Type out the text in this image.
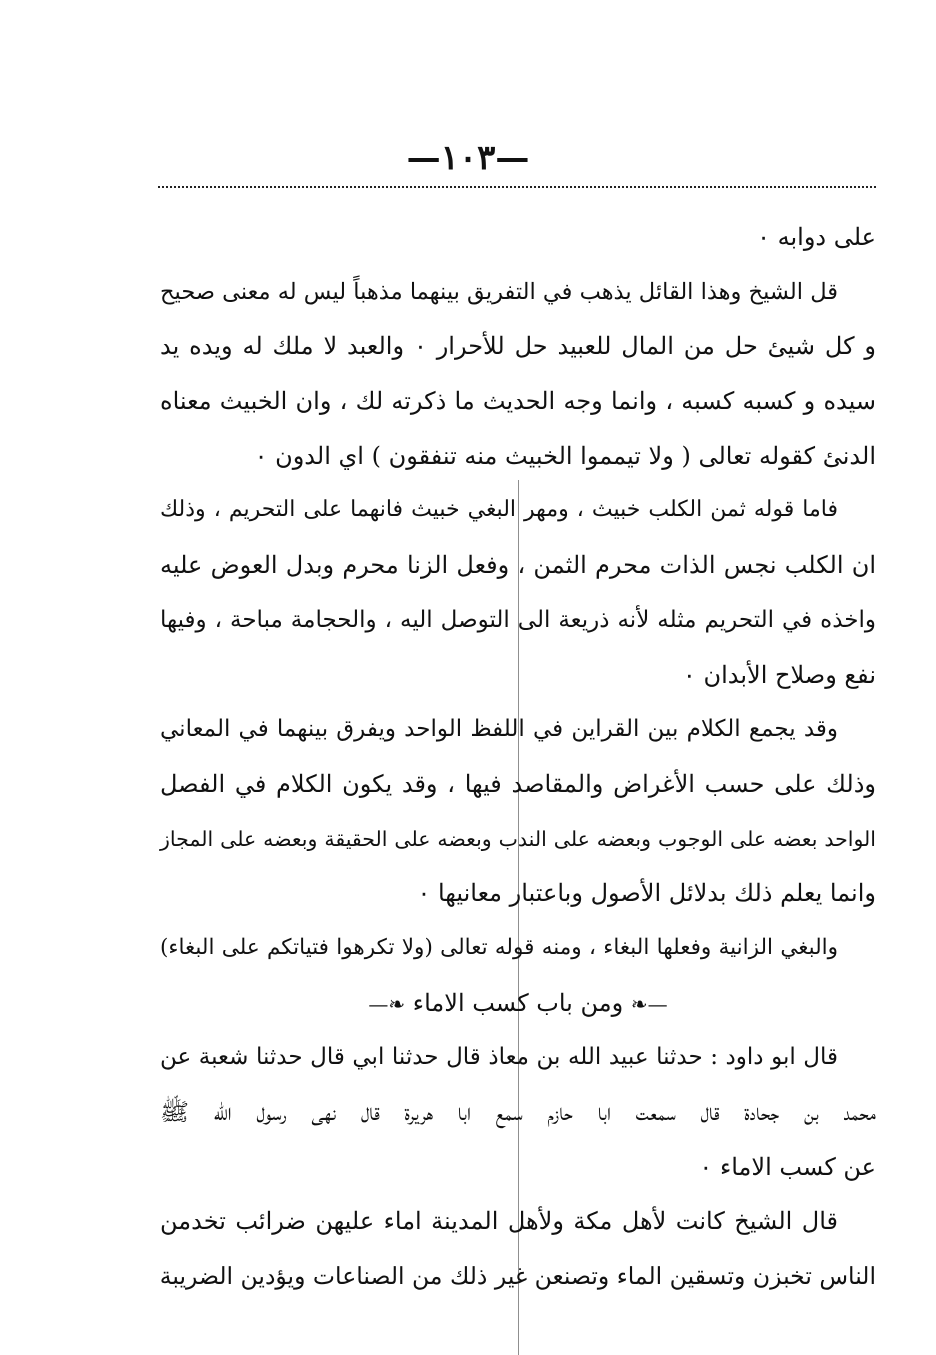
—١٠٣—
على دوابه ٠
قل الشيخ وهذا القائل يذهب في التفريق بينهما مذهباً ليس له معنى صحيح
و كل شيئ حل من المال للعبيد حل للأحرار ٠ والعبد لا ملك له ويده يد
سيده و كسبه كسبه ، وانما وجه الحديث ما ذكرته لك ، وان الخبيث معناه
الدنئ كقوله تعالى ( ولا تيمموا الخبيث منه تنفقون ) اي الدون ٠
فاما قوله ثمن الكلب خبيث ، ومهر البغي خبيث فانهما على التحريم ، وذلك
ان الكلب نجس الذات محرم الثمن ، وفعل الزنا محرم وبدل العوض عليه
واخذه في التحريم مثله لأنه ذريعة الى التوصل اليه ، والحجامة مباحة ، وفيها
نفع وصلاح الأبدان ٠
وقد يجمع الكلام بين القراين في اللفظ الواحد ويفرق بينهما في المعاني
وذلك على حسب الأغراض والمقاصد فيها ، وقد يكون الكلام في الفصل
الواحد بعضه على الوجوب وبعضه على الندب وبعضه على الحقيقة وبعضه على المجاز
وانما يعلم ذلك بدلائل الأصول وباعتبار معانيها ٠
والبغي الزانية وفعلها البغاء ، ومنه قوله تعالى (ولا تكرهوا فتياتكم على البغاء)
—❧ ومن باب كسب الاماء ❧—
قال ابو داود : حدثنا عبيد الله بن معاذ قال حدثنا ابي قال حدثنا شعبة عن
محمد بن جحادة قال سمعت ابا حازم سمع ابا هريرة قال نهى رسول الله ﷺ
عن كسب الاماء ٠
قال الشيخ كانت لأهل مكة ولأهل المدينة اماء عليهن ضرائب تخدمن
الناس تخبزن وتسقين الماء وتصنعن غير ذلك من الصناعات ويؤدين الضريبة
